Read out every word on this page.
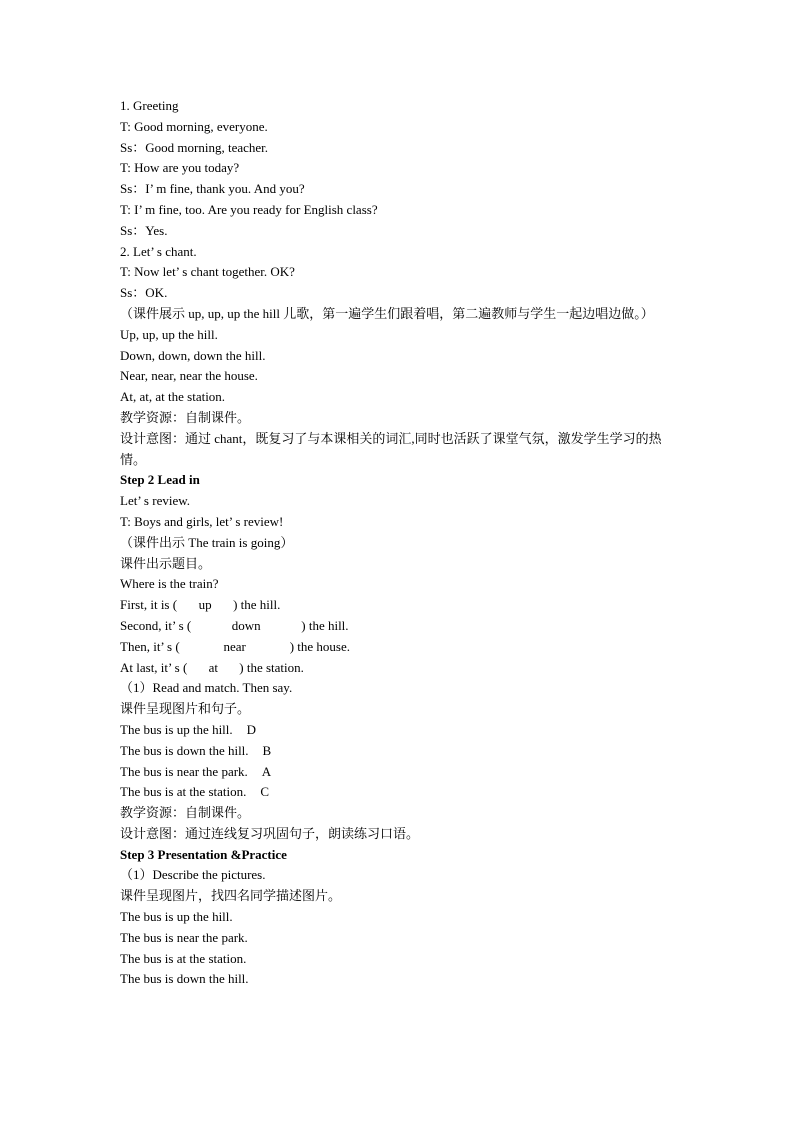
1. Greeting
T: Good morning, everyone.
Ss：Good morning, teacher.
T: How are you today?
Ss：I’ m fine, thank you. And you?
T: I’ m fine, too. Are you ready for English class?
Ss：Yes.
2. Let’ s chant.
T: Now let’ s chant together. OK?
Ss：OK.
（课件展示 up, up, up the hill 儿歌，第一遍学生们跟着唱，第二遍教师与学生一起边唱边做。）
Up, up, up the hill.
Down, down, down the hill.
Near, near, near the house.
At, at, at the station.
教学资源：自制课件。
设计意图：通过 chant，既复习了与本课相关的词汇,同时也活跃了课堂气氛，激发学生学习的热情。
Step 2 Lead in
Let’ s review.
T: Boys and girls, let’ s review!
（课件出示 The train is going）
课件出示题目。
Where is the train?
First, it is ( up ) the hill.
Second, it’ s (	down	) the hill.
Then, it’ s (	near	) the house.
At last, it’ s ( at ) the station.
（1）Read and match. Then say.
课件呈现图片和句子。
The bus is up the hill. D
The bus is down the hill. B
The bus is near the park. A
The bus is at the station. C
教学资源：自制课件。
设计意图：通过连线复习巩固句子，朗读练习口语。
Step 3 Presentation &Practice
（1）Describe the pictures.
课件呈现图片，找四名同学描述图片。
The bus is up the hill.
The bus is near the park.
The bus is at the station.
The bus is down the hill.
